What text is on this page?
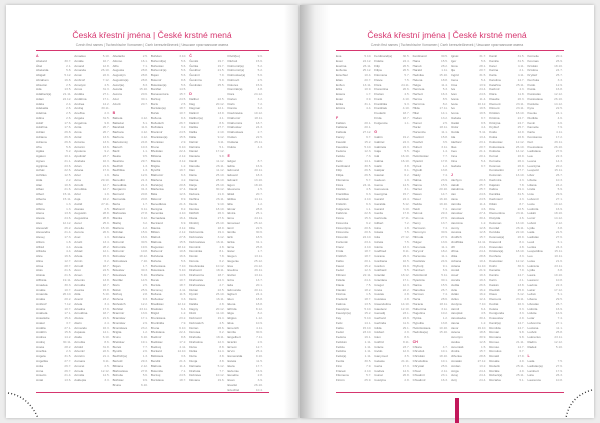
Česká křestní jména | České krstné mená
Czech first names | Tschechische Vornamen | Cseh keresztelőnevek | Чешские христианские имена
A
Abelard	30.7.
Ábel	2.1.
Abelarda	5.8.
Abigail	5.12.
Abraham	16.8.
Absolon	2.5.
Ada	13.5.
Adalbert(a)	21.11.
Adam	24.12.
Adéla	2.4.
Adelaida	2.6.
Adelina	2.5.
Adina	2.6.
Adolf	17.6.
Adolfína	17.6.
Adrian	26.8.
Adriana	26.8.
Adriena	26.8.
Afra	5.8.
Agáta	5.2.
Agaton	10.1.
Agnes	21.1.
Agripina	23.6.
Achác	22.6.
Achilles	12.5.
Aida	2.2.
Alan	10.8.
Alban	21.6.
Albert	15.11.
Alberta	15.11.
Albín	1.3.
Albína	1.3.
Alena	13.8.
Alesia	24.6.
Alex	12.12.
Alexandr	26.2.
Alexandra	21.4.
Alexej	17.3.
Alfons	1.8.
Alfréd	4.4.
Alfréda	4.4.
Alice	16.6.
Alina	12.7.
Alma	28.7.
Alois	21.6.
Aloisie	21.6.
Alžběta	19.11.
Amadea	30.3.
Amálie	10.7.
Amanda	26.10.
Amáta	20.2.
Ambrož	7.12.
Amelie	10.7.
Anabela	17.1.
Anastázie	15.4.
Anatol	3.7.
Anděla	27.1.
Andělín	15.8.
Andrea	14.2.
Andrej	30.11.
Aneta	28.2.
Anežka	2.3.
Angela	31.5.
Angelika	27.7.
Anita	26.7.
Anna	26.7.
Anselm	21.4.
Antal	13.6.
Amadeo	5.10.
Amálie	10.7.
Amand	12.8.
Amanda	26.10.
Amat	22.9.
Ambrož	7.12.
Ametyst	4.5.
Amos	31.3.
Anděla	27.1.
Andělína	17.1.
Andrea	14.2.
Andrej	30.11.
Anežka	2.3.
Angela	31.5.
Angelína	9.8.
Anita	26.7.
Anna	26.7.
Antal	13.6.
Antonie	13.6.
Antonín	13.6.
Apolena	9.2.
Apolinář	23.7.
Arabela	10.3.
Arian	21.6.
Ariana	17.9.
Ariel	1.9.
Arna	29.10.
Arnošt	12.7.
Arnoštka	12.7.
Artur	1.9.
Asja	16.2.
Astrid	27.11.
Atanas	2.5.
Augustin	28.8.
Augustina	28.8.
Aurel	25.9.
Aurelie	15.10.
Aurora	20.6.
Axel	1.3.
Azurit	13.4.
Aneta	28.2.
Arkád	12.1.
Arleta	15.3.
Armin	6.2.
Arnold	18.7.
Aron	24.5.
Arsen	19.7.
Artemis	13.8.
Arnolda	18.7.
Asunta	15.8.
Atila	5.10.
Avenir	23.2.
Ariela	3.4.
Ariadna	17.9.
Arnoldina	18.7.
Aloisie	21.6.
Alwin	2.4.
Armando	16.3.
Aspasie	14.1.
Atalie	6.10.
Arnošta	8.6.
Aristid	31.8.
Artemiz	22.6.
Anzelm	21.4.
Asmara	9.11.
Amoret	2.5.
Arnela	12.12.
Armida	14.5.
Asklepia	3.3.
Abelardo	2.5.
Afonso	16.1.
Alfio	7.1.
Augusta	28.8.
Augustýn	28.8.
Augustin(a)	28.8.
Aurel(ie)	8.3.
Aurelia	15.10.
Aurora	20.6.
Azor	30.1.
Azurit	20.7.
B
Babeta	4.12.
Baltazar	6.1.
Barabáš	11.6.
Barbara	4.12.
Barbora	4.12.
Bartoloměj	24.8.
Baruch	10.3.
Bazil	1.1.
Beáta	9.5.
Beatrice	29.7.
Bedřich	1.3.
Bedřiška	1.3.
Bela	12.6.
Benedikt	21.3.
Benedikta	21.3.
Benjamín	31.3.
Bernard	20.8.
Bernarda	20.8.
Berta	1.7.
Blahomil	6.11.
Blahoslav	27.8.
Blanka	3.12.
Blažej	3.2.
Blažena	4.2.
Bohdan	15.6.
Bohdana	16.6.
Bohumil	30.5.
Bohumila	19.6.
Bohumír	10.8.
Bohuslav	18.12.
Bohuslava	7.10.
Bojan	1.7.
Boleslav	30.3.
Boleslava	5.10.
Bonifác	14.5.
Boris	2.5.
Bořek	25.9.
Bořivoj	2.8.
Božena	9.3.
Božetěch	12.2.
Božidar	23.11.
Branimír	13.6.
Branislav	17.1.
Bronislav	2.9.
Bronislava	23.2.
Brigita	1.2.
Bruno	6.10.
Břetislav	19.1.
Buzek	7.7.
Bystrik	2.6.
Bedřich(a)	1.3.
Bertold	29.3.
Bibiana	2.12.
Blahoslava	27.8.
Bohuše	5.6.
Bořislav	9.9.
Bruna	6.10.
Bohdan	3.10.
Bohumil(a)	5.6.
Bohuslav	5.6.
Bohumír(a)	5.6.
Bojan	5.6.
Bolemír	8.8.
Boleslav(a)	5.6.
Bonifác	14.5.
Bonaventura	15.7.
Bořivoj	24.5.
Boris	2.5.
Borislav(a)	18.7.
Bořek	10.7.
Božena	9.3.
Božetěch	26.7.
Božidara	3.2.
Branimír	24.5.
Branislav(a)	15.5.
Bronislav	2.9.
Bruno	6.10.
Břetislav	22.4.
Bibiána	2.12.
Blanka	3.12.
Brigita	1.2.
Bystřík	19.7.
Blahomír	6.3.
Blažena	4.2.
Bořek(a)	20.8.
Blaženka	17.4.
Běla	12.6.
Bělomír	8.9.
Benediktus	21.3.
Benigna	8.2.
Berenika	4.10.
Bernadeta	16.4.
Bertrand	6.9.
Bianka	3.12.
Bibián	2.12.
Blahoš	27.8.
Blahuta	15.5.
Boguslav	18.12.
Bohumír	10.8.
Bohdana	16.6.
Bohuše	5.6.
Bohuslava	7.10.
Boleslava	5.10.
Bonifácie	14.5.
Borek	10.7.
Borisla	18.7.
Boromej	4.11.
Božana	11.5.
Božeslav	3.3.
Bradislav	12.12.
Bratislav	6.4.
Brigid	1.2.
Bronislava	23.2.
Brunhilda	7.9.
Bruna	6.10.
Břetislava	22.4.
Budimír	8.8.
Budislav	17.2.
Budivoj	2.11.
Burkard	14.10.
Bělislava	3.6.
Bendik	21.3.
Blahota	11.4.
Bolemila	7.1.
Borivoj	24.5.
Borislava	18.7.
Č
Čeněk	19.7.
Čeňka	19.7.
Čestibor	21.5.
Čestmír	7.9.
Čestmíra	5.9.
Čestislav	25.5.
D
Dalibor	22.5.
Dag	20.12.
Dagmar	12.1.
Dalimil	13.9.
Dalibor(a)	4.1.
Dalimír	8.6.
Dališa	27.7.
Dalila	2.10.
Dálie	9.12.
Dalmir	3.11.
Dalmira	5.1.
Daniel	17.12.
Daniela	9.9.
Daniil	11.12.
Danuše	26.11.
Dan	11.12.
Daria	25.10.
Darina	28.10.
Darja	25.10.
David	30.12.
Debora	21.9.
Delfína	26.11.
Denis	9.10.
Denisa	18.10.
Dětřich	26.3.
Diana	27.6.
Dimitrij	26.10.
Dita	18.9.
Dobromila	19.4.
Dobroslav	3.12.
Dobroslava	16.11.
Dominik	4.8.
Dominika	8.1.
Donát	7.8.
Dorota	6.2.
Doubravka	10.12.
Drahomír	18.11.
Drahomíra	18.7.
Drahoslav	24.3.
Drahoslava	2.7.
Dušan	22.5.
Dymitr	26.10.
Doris	16.11.
Dalida	2.8.
Dagny	20.12.
Diviš	11.10.
Dobromil	19.4.
Dobrotěch	4.5.
Dorian	26.6.
Dorotea	6.2.
Drahuše	18.11.
Drahotina	12.3.
Dulce	8.8.
Dulka	11.4.
Duňa	3.8.
Dunja	3.8.
Dalmata	5.12.
Drahuta	7.7.
Dobrava	10.12.
Děvana	19.6.
Dívčí(ko)	9.6.
Dluhoš	15.6.
Dobromil(a)	5.2.
Dobromír(a)	5.2.
Dobroslav(a)	5.6.
Dobrovít	2.5.
Dolores	15.9.
Dominik(a)	4.8.
Dora	24.12.
Dorian	3.2.
Doris	7.2.
Dorota	6.2.
Doubravka	10.12.
Drahomír	18.11.
Drahomíra	18.7.
Drahoslav	24.3.
Drahoslava	2.7.
Dušan	22.5.
Dušana	25.11.
Dulcie	4.3.
E
Edgar	8.7.
Edita	16.9.
Edmund	20.11.
Eduard	18.3.
Edvard	13.10.
Egon	18.10.
Eleonora	1.5.
Eliáš	20.7.
Eliška	14.11.
Ella	1.2.
Elmar	28.8.
Elvíra	25.1.
Ema	24.11.
Emanuel	25.12.
Emil	22.5.
Emilie	30.6.
Erik	18.5.
Erika	31.1.
Erna	25.8.
Ester	1.7.
Eugen	13.11.
Eugenie	25.12.
Eva	24.12.
Evelína	26.11.
Evžen	13.11.
Ezra	13.7.
Eda	20.1.
Edmunda	20.11.
Egbert	24.4.
Elen	18.8.
Elena	18.8.
Elfrída	8.12.
Elga	8.2.
Eligius	1.12.
Elsa	10.9.
Emerich	4.11.
Emílie	30.6.
Engelbert	7.11.
Erazim	2.6.
Ernest	12.7.
Ervín	25.4.
Esmeralda	9.10.
Estela	11.5.
Etela	17.7.
Eufemie	16.9.
Eusebie	2.8.
Evan	3.9.
Evarist	26.10.
Ezechiel	10.4.
Česká křestní jména | České krstné mená
Czech first names | Tschechische Vornamen | Cseh keresztelőnevek | Чешские христианские имена
Eva	5.10.
Even	24.12.
Evelína	26.11.
Evženie	25.12.
Ezechiel	10.4.
Elias	20.7.
Evžen	13.11.
Elza	10.9.
Estera	1.7.
Evan	3.9.
Erika	31.1.
Elmíra	4.4.
F
Fabián	20.1.
Fabiána	20.1.
Fabiola	27.12.
Fanny	9.7.
Faustin	15.2.
Faustina	5.10.
Fedora	12.3.
Felicie	7.3.
Felix	14.1.
Ferdinand	30.5.
Filip	26.5.
Filipa	26.5.
Filoména	5.7.
Flora	24.11.
Florián	4.5.
Františka	9.3.
František	4.10.
Fridolín	6.3.
Fulgencie	1.1.
Fabrício	22.8.
Fiona	15.3.
Fiorenza	9.2.
Florentýna	20.6.
Florencie	20.6.
Florentin	24.10.
Fortunát	23.4.
Franc	4.10.
Frída	18.7.
Fridrich	18.7.
Fabio	20.1.
Faust	15.2.
Fedor	12.3.
Filimon	22.11.
Fidelie	24.4.
Flavie	7.5.
Flavián	18.2.
Florina	1.5.
Frederik	18.7.
Fatima	13.5.
Faustýna	5.10.
Faustýn(a)	15.2.
Fay	5.10.
Felix	14.1.
Fabio	15.10.
Fedor	23.10.
Fedora	19.1.
Felicián	1.11.
Felicie	1.11.
Felicita	1.11.
Felix(a)	1.11.
Ferda	30.5.
Finn	7.9.
Fránek	4.10.
Filomena	5.7.
Firmin	25.9.
Ferdinand(a)	30.5.
Fidelie	24.4.
Filip	26.5.
Filipa	26.5.
Filoména	5.7.
Flavie	7.5.
Flóra	24.11.
Florentina	20.6.
Florian	4.5.
Frank	4.10.
Františka	9.3.
František	4.10.
Frederik	18.7.
Frída	18.7.
Fulgencie	1.1.
G
Gabin	19.2.
Gabriel	24.3.
Gabriela	24.3.
Gaja	5.5.
Gál	16.10.
Galina	16.10.
Garik	3.8.
Gašpar	6.1.
Gaston	6.2.
Gedeon	1.9.
Gema	14.5.
Genoveva	3.1.
Georgína	15.7.
Gerald	24.4.
Geralda	5.12.
Gerard	3.10.
Gerda	17.8.
Gertruda	17.11.
Gilbert	7.2.
Gina	1.8.
Gisela	7.5.
Gita	27.12.
Gizela	7.5.
Gloria	13.3.
Godfried	8.11.
Gorana	29.3.
Gordiana	10.5.
Gordon	19.9.
Gotthard	5.5.
Gracián	18.12.
Graciána	17.1.
Gregor	12.3.
Greta	22.2.
Gustav	2.8.
Gustava	2.8.
Gwendolína	14.10.
Gaudenc	12.10.
Genadij	23.1.
Gerhard	24.9.
Gerlinda	11.6.
Gilda	29.1.
Gisbert	2.9.
Glen	8.6.
Gotfrid	8.11.
Grácie	23.7.
Gvido	12.9.
Ganymed	3.5.
Gelasie	21.11.
Gerta	17.3.
Godiva	14.6.
Gunar	26.8.
Gustýna	2.8.
Ferdinand	30.5.
Hana	15.5.
Hanuš	28.2.
Harald	1.11.
Hedvika	15.10.
Helena	18.8.
Helga	11.4.
Henrieta	5.3.
Herbert	16.3.
Herma	8.5.
Hermína	8.2.
Hilda	17.11.
Hilar	14.1.
Hodan	13.2.
Homér	2.5.
Horác	18.11.
Hortenzie	11.1.
Hostimil	15.8.
Hostivít	3.5.
Hubert	3.11.
Hugo	1.4.
Hvězdoslav	7.7.
Hyacint	17.8.
Hynek	1.2.
Hypolit	13.8.
Haidy	7.4.
Halina	23.9.
Hanna	15.5.
Harriet	20.10.
Hasan	14.7.
Havel	16.10.
Hedda	19.10.
Heidi	7.4.
Helmut	29.3.
Hemma	27.6.
Henry	13.7.
Hermann	7.4.
Hieronym	30.9.
Hiltruda	27.9.
Holger	13.6.
Honorata	11.1.
Horymír	18.2.
Hortensie	11.1.
Hostislav	24.9.
Hryhorij	9.1.
Humbert	6.9.
Hvězdomil	5.11.
Hyacinta	30.1.
Hanka	15.5.
Hanuška	26.7.
Herman	7.4.
Herta	28.6.
Horacie	18.11.
Hubertína	3.11.
Hugolína	10.2.
Hynka	1.2.
Hypolita	13.8.
Hvězdoslava	10.10.
Hedvíka(a)	15.10.
CH
Chiara	4.7.
Chrudoš	10.1.
Christián	18.10.
Chrudoška	10.1.
Chrystal	25.6.
Chval	2.11.
Chvalmír	23.1.
Chvalimír	16.3.
Ignác	31.7.
Igor	5.6.
Ilona	28.1.
Ilja	20.7.
Ingrid	31.5.
Irena	5.4.
Irma	13.9.
Iva	24.4.
Ivan	24.6.
Ivana	11.4.
Iveta	10.12.
Ivo	19.5.
Ivona	19.5.
Izabela	9.7.
Izaiáš	9.5.
Izidor	4.4.
Izolda	5.11.
Ida	13.4.
Idelfonz	23.1.
Ilias	20.7.
Ines	21.1.
Inna	20.1.
Irina	5.4.
Isabela	9.7.
J
Jáchym	20.3.
Jakub	25.7.
Jakubína	25.7.
Jan	24.6.
Jana	24.5.
Jarmila	11.4.
Jaromír	4.6.
Jaroslav	27.4.
Jaroslava	30.4.
Jasmína	1.2.
Jenny	12.8.
Jessica	12.8.
Jindřich	15.7.
Jindřiška	12.11.
Jiří	24.4.
Jiřina	24.4.
Jitka	28.8.
Johana	10.4.
Jolana	11.10.
Jonáš	21.9.
Josef	19.3.
Jozefa	19.3.
Judita	26.6.
Julie	16.2.
Julián	16.2.
Julius	12.4.
Justýna	7.10.
Jarmil	6.4.
Jaropluk	4.5.
Jaroslavka	30.4.
Jasna	1.2.
Javor	19.10.
Jelena	18.8.
Jeroným	30.9.
Jesika	12.8.
Jeremiáš	1.5.
Jindra	15.7.
Jitřenka	28.8.
Jonatán	27.12.
Jordan	13.2.
Jorga	24.4.
Juraj	24.4.
Jurij	24.4.
Kamil	31.5.
Kamila	31.5.
Karel	4.11.
Karina	2.1.
Karla	4.11.
Karolína	14.7.
Kateřina	25.11.
Kazimír	4.3.
Klára	11.8.
Klaudie	20.3.
Klement	23.11.
Kliment	23.11.
Kristián	18.10.
Kristina	24.7.
Kristýna	24.7.
Kryštof	25.7.
Kvido	12.9.
Květa	16.8.
Květoslav	12.12.
Květoslava	26.10.
Květuše	14.12.
Kornel	16.9.
Kornelie	20.4.
Kosmas	26.9.
Konstantin	27.7.
Kolomán	13.10.
Kazimíra	4.3.
Kájetán	7.8.
Kalina	19.4.
Kamilka	31.5.
Kazimierz	4.3.
Kilián	8.7.
Kira	22.5.
Klementina	23.11.
Klotylda	4.6.
Koloman	13.10.
Konrád	26.11.
Kordula	22.10.
Kosmas(a)	26.9.
Krasomil	8.4.
Krasoslav	4.8.
Kristian(a)	18.10.
Kunhuta	3.3.
Kvetoslav	12.12.
Kvirin	30.3.
Kamélie	7.9.
Kamilo	14.7.
Karin	2.1.
Kasián	13.8.
Kleofáš	25.9.
Klaus	6.12.
Klemens	23.11.
Kodrat	10.3.
Koleta	6.3.
Kunigunda	3.3.
Kvasoslav	2.9.
Kamil(a)	14.7.
Romilda	14.7.
Roman	9.8.
Romana	9.8.
Romeo	21.11.
Roméo	14.7.
Romulus	6.7.
Ronald	17.9.
Rosalie	4.9.
Roderik	25.11.
Rozálie	4.9.
Robert(a)	25.11.
Rozarka	5.1.
Kornelie	20.4.
Kosmas	26.9.
Kristián	18.10.
Kristina	24.7.
Kryštof	25.7.
Kunhuta	3.3.
Kvido	12.9.
Květa	16.8.
Květoslav	12.12.
Květoslava	26.10.
Květuše	14.12.
Kyra	22.5.
Ksenie	24.1.
Klotilda	4.6.
Kevin	3.6.
Kamelie	7.9.
Karla	4.11.
Konstance	17.2.
Kurt	26.11.
Kvetoslava	26.10.
Ladislava	27.6.
Lea	22.3.
Leona	14.3.
Leontýna	20.2.
Leopold	15.11.
Libor	26.7.
Libuše	10.3.
Liliana	24.2.
Linda	5.9.
Lívie	29.9.
Lubomír	27.1.
Lucie	13.12.
Ludmila	16.9.
Lukáš	18.10.
Lumír	14.12.
Luboš	2.12.
Lýdie	3.8.
Lada	21.5.
Ladislav	27.6.
Leoš	5.1.
Lenka	24.3.
Leopoldina	15.11.
Leo	10.11.
Luisa	21.6.
Lukrécie	23.11.
Lýdia	3.8.
Laura	19.10.
Laurenc	10.8.
Lavinie	22.3.
Lazar	17.12.
Ležek	5.1.
Libena	29.5.
Liboslav	26.7.
Lidmila	16.9.
Liduše	16.9.
Lotar	7.4.
Lubomíra	27.1.
Luciána	11.1.
Ludvík	25.8.
Lukrecius	23.11.
Radim	12.12.
Radek	5.10.
L
Lada	7.5.
Ladislav(a)	27.6.
Lambert	17.9.
Lára	26.3.
Laurencie	10.8.
